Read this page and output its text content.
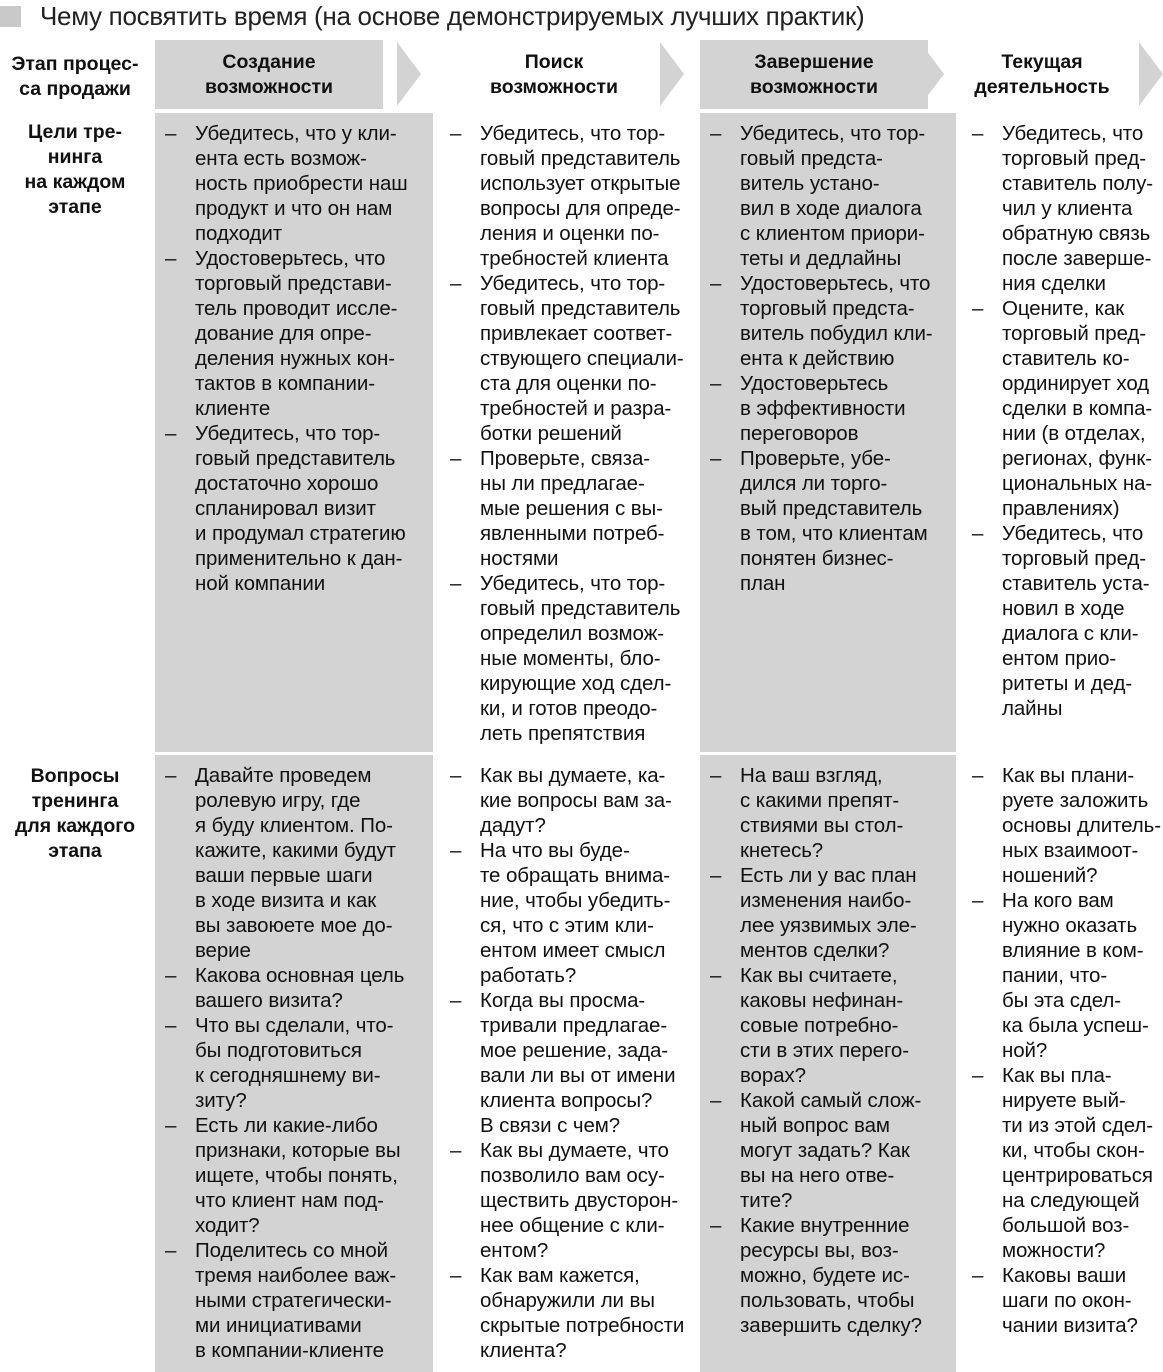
Чему посвятить время (на основе демонстрируемых лучших практик)
Этап процес-
са продажи
Создание
возможности
Поиск
возможности
Завершение
возможности
Текущая
деятельность
Цели тре-
нинга
на каждом
этапе
– Убедитесь, что у кли-
ента есть возмож-
ность приобрести наш
продукт и что он нам
подходит
– Удостоверьтесь, что
торговый представи-
тель проводит иссле-
дование для опре-
деления нужных кон-
тактов в компании-
клиенте
– Убедитесь, что тор-
говый представитель
достаточно хорошо
спланировал визит
и продумал стратегию
применительно к дан-
ной компании
– Убедитесь, что тор-
говый представитель
использует открытые
вопросы для опреде-
ления и оценки по-
требностей клиента
– Убедитесь, что тор-
говый представитель
привлекает соответ-
ствующего специали-
ста для оценки по-
требностей и разра-
ботки решений
– Проверьте, связа-
ны ли предлагае-
мые решения с вы-
явленными потреб-
ностями
– Убедитесь, что тор-
говый представитель
определил возмож-
ные моменты, бло-
кирующие ход сдел-
ки, и готов преодо-
леть препятствия
– Убедитесь, что тор-
говый предста-
витель устано-
вил в ходе диалога
с клиентом приори-
теты и дедлайны
– Удостоверьтесь, что
торговый предста-
витель побудил кли-
ента к действию
– Удостоверьтесь
в эффективности
переговоров
– Проверьте, убе-
дился ли торго-
вый представитель
в том, что клиентам
понятен бизнес-
план
– Убедитесь, что
торговый пред-
ставитель полу-
чил у клиента
обратную связь
после заверше-
ния сделки
– Оцените, как
торговый пред-
ставитель ко-
ординирует ход
сделки в компа-
нии (в отделах,
регионах, функ-
циональных на-
правлениях)
– Убедитесь, что
торговый пред-
ставитель уста-
новил в ходе
диалога с кли-
ентом прио-
ритеты и дед-
лайны
Вопросы
тренинга
для каждого
этапа
– Давайте проведем
ролевую игру, где
я буду клиентом. По-
кажите, какими будут
ваши первые шаги
в ходе визита и как
вы завоюете мое до-
верие
– Какова основная цель
вашего визита?
– Что вы сделали, что-
бы подготовиться
к сегодняшнему ви-
зиту?
– Есть ли какие-либо
признаки, которые вы
ищете, чтобы понять,
что клиент нам под-
ходит?
– Поделитесь со мной
тремя наиболее важ-
ными стратегически-
ми инициативами
в компании-клиенте
– Как вы думаете, ка-
кие вопросы вам за-
дадут?
– На что вы буде-
те обращать внима-
ние, чтобы убедить-
ся, что с этим кли-
ентом имеет смысл
работать?
– Когда вы просма-
тривали предлагае-
мое решение, зада-
вали ли вы от имени
клиента вопросы?
В связи с чем?
– Как вы думаете, что
позволило вам осу-
ществить двусторон-
нее общение с кли-
ентом?
– Как вам кажется,
обнаружили ли вы
скрытые потребности
клиента?
– На ваш взгляд,
с какими препят-
ствиями вы стол-
кнетесь?
– Есть ли у вас план
изменения наибо-
лее уязвимых эле-
ментов сделки?
– Как вы считаете,
каковы нефинан-
совые потребно-
сти в этих перего-
ворах?
– Какой самый слож-
ный вопрос вам
могут задать? Как
вы на него отве-
тите?
– Какие внутренние
ресурсы вы, воз-
можно, будете ис-
пользовать, чтобы
завершить сделку?
– Как вы плани-
руете заложить
основы длитель-
ных взаимоот-
ношений?
– На кого вам
нужно оказать
влияние в ком-
пании, что-
бы эта сдел-
ка была успеш-
ной?
– Как вы пла-
нируете вый-
ти из этой сдел-
ки, чтобы скон-
центрироваться
на следующей
большой воз-
можности?
– Каковы ваши
шаги по окон-
чании визита?
